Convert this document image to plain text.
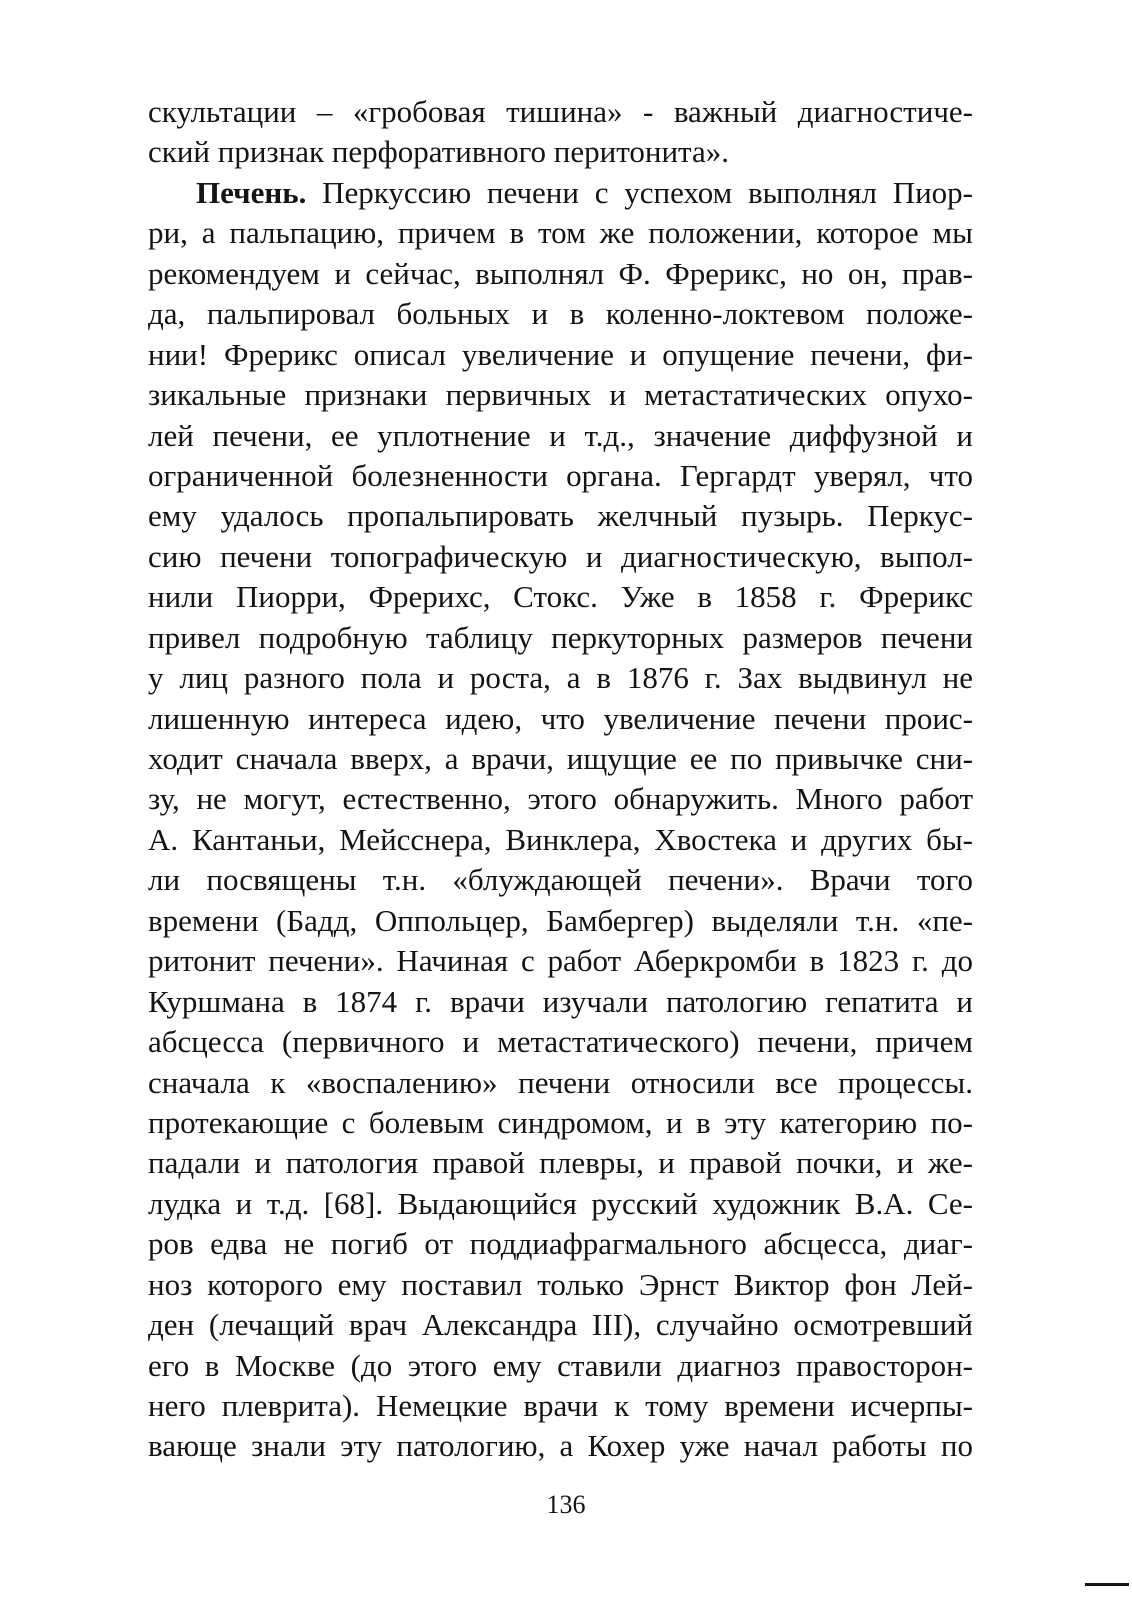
скультации – «гробовая тишина» - важный диагностиче-
ский признак перфоративного перитонита».
Печень. Перкуссию печени с успехом выполнял Пиор-
ри, а пальпацию, причем в том же положении, которое мы
рекомендуем и сейчас, выполнял Ф. Фрерикс, но он, прав-
да, пальпировал больных и в коленно-локтевом положе-
нии! Фрерикс описал увеличение и опущение печени, фи-
зикальные признаки первичных и метастатических опухо-
лей печени, ее уплотнение и т.д., значение диффузной и
ограниченной болезненности органа. Гергардт уверял, что
ему удалось пропальпировать желчный пузырь. Перкус-
сию печени топографическую и диагностическую, выпол-
нили Пиорри, Фрерихс, Стокс. Уже в 1858 г. Фрерикс
привел подробную таблицу перкуторных размеров печени
у лиц разного пола и роста, а в 1876 г. Зах выдвинул не
лишенную интереса идею, что увеличение печени проис-
ходит сначала вверх, а врачи, ищущие ее по привычке сни-
зу, не могут, естественно, этого обнаружить. Много работ
А. Кантаньи, Мейсснера, Винклера, Хвостека и других бы-
ли посвящены т.н. «блуждающей печени». Врачи того
времени (Бадд, Оппольцер, Бамбергер) выделяли т.н. «пе-
ритонит печени». Начиная с работ Аберкромби в 1823 г. до
Куршмана в 1874 г. врачи изучали патологию гепатита и
абсцесса (первичного и метастатического) печени, причем
сначала к «воспалению» печени относили все процессы.
протекающие с болевым синдромом, и в эту категорию по-
падали и патология правой плевры, и правой почки, и же-
лудка и т.д. [68]. Выдающийся русский художник В.А. Се-
ров едва не погиб от поддиафрагмального абсцесса, диаг-
ноз которого ему поставил только Эрнст Виктор фон Лей-
ден (лечащий врач Александра III), случайно осмотревший
его в Москве (до этого ему ставили диагноз правосторон-
него плеврита). Немецкие врачи к тому времени исчерпы-
вающе знали эту патологию, а Кохер уже начал работы по
136
